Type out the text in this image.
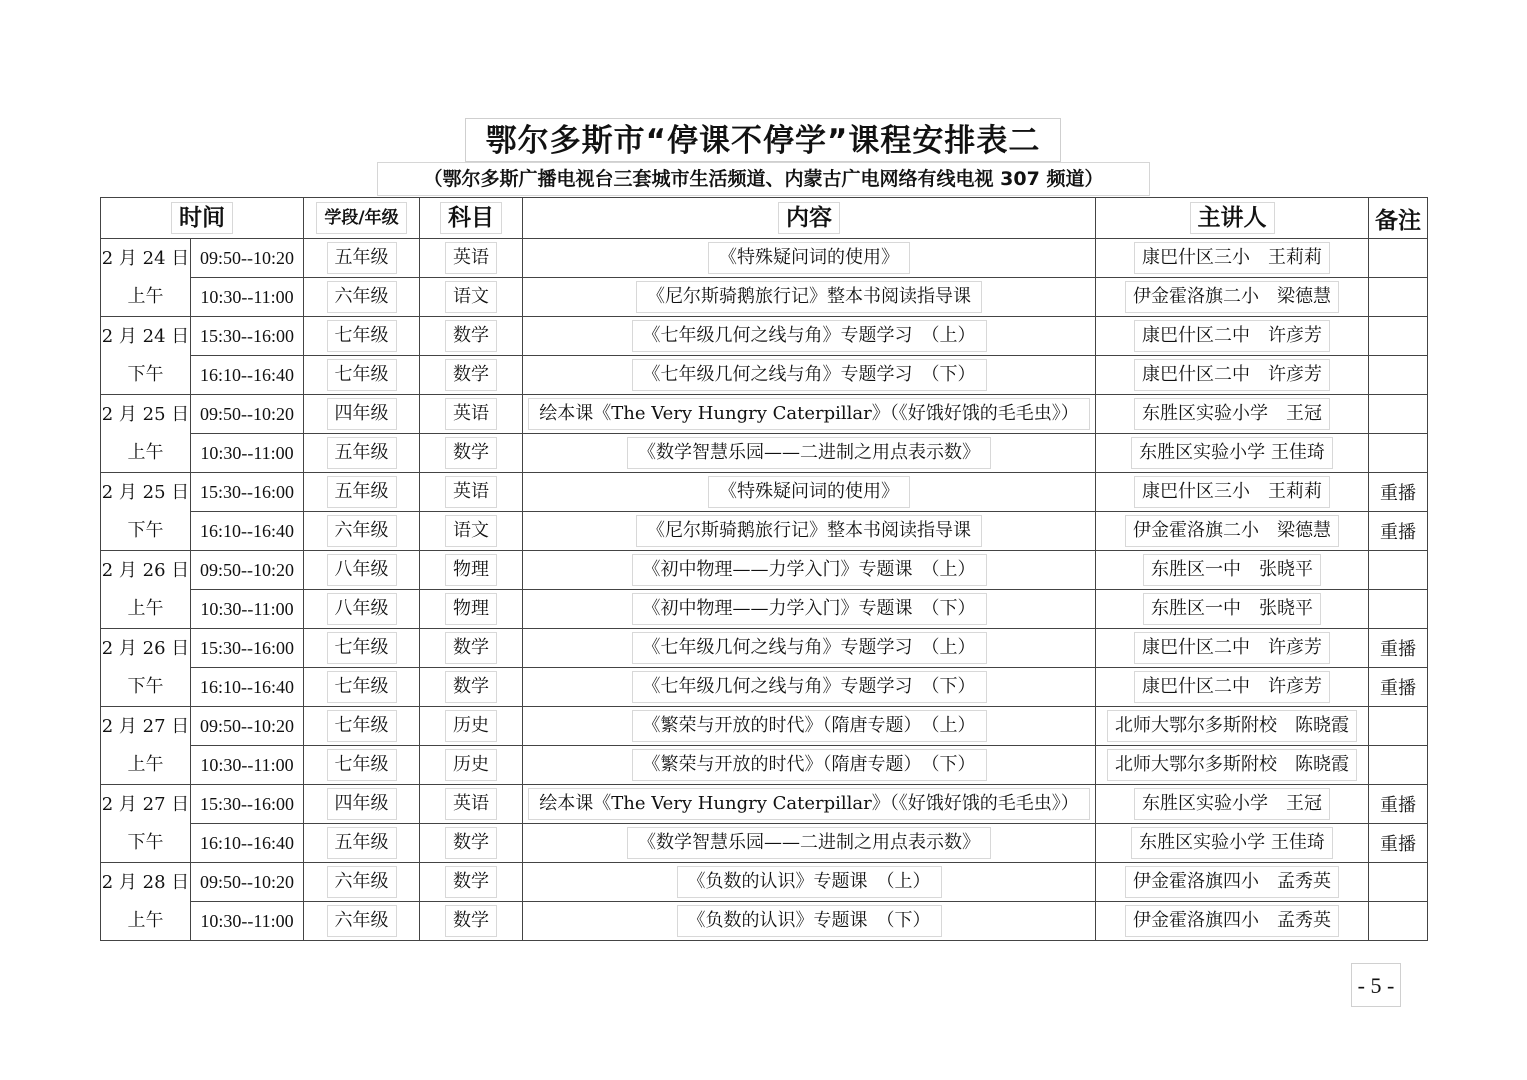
鄂尔多斯市“停课不停学”课程安排表二
（鄂尔多斯广播电视台三套城市生活频道、内蒙古广电网络有线电视 307 频道）
时间		学段/年级	科目	内容	主讲人	备注

2 月 24 日
上午	09:50--10:20	五年级	英语	《特殊疑问词的使用》	康巴什区三小　王莉莉	
	10:30--11:00	六年级	语文	《尼尔斯骑鹅旅行记》整本书阅读指导课	伊金霍洛旗二小　梁德慧	

2 月 24 日
下午	15:30--16:00	七年级	数学	《七年级几何之线与角》专题学习　（上）	康巴什区二中　许彦芳	
	16:10--16:40	七年级	数学	《七年级几何之线与角》专题学习　（下）	康巴什区二中　许彦芳	

2 月 25 日
上午	09:50--10:20	四年级	英语	绘本课《The Very Hungry Caterpillar》（《好饿好饿的毛毛虫》）	东胜区实验小学　王冠	
	10:30--11:00	五年级	数学	《数学智慧乐园——二进制之用点表示数》	东胜区实验小学 王佳琦	

2 月 25 日
下午	15:30--16:00	五年级	英语	《特殊疑问词的使用》	康巴什区三小　王莉莉	重播
	16:10--16:40	六年级	语文	《尼尔斯骑鹅旅行记》整本书阅读指导课	伊金霍洛旗二小　梁德慧	重播

2 月 26 日
上午	09:50--10:20	八年级	物理	《初中物理——力学入门》专题课　（上）	东胜区一中　张晓平	
	10:30--11:00	八年级	物理	《初中物理——力学入门》专题课　（下）	东胜区一中　张晓平	

2 月 26 日
下午	15:30--16:00	七年级	数学	《七年级几何之线与角》专题学习　（上）	康巴什区二中　许彦芳	重播
	16:10--16:40	七年级	数学	《七年级几何之线与角》专题学习　（下）	康巴什区二中　许彦芳	重播

2 月 27 日
上午	09:50--10:20	七年级	历史	《繁荣与开放的时代》（隋唐专题）　（上）	北师大鄂尔多斯附校　陈晓霞	
	10:30--11:00	七年级	历史	《繁荣与开放的时代》（隋唐专题）　（下）	北师大鄂尔多斯附校　陈晓霞	

2 月 27 日
下午	15:30--16:00	四年级	英语	绘本课《The Very Hungry Caterpillar》（《好饿好饿的毛毛虫》）	东胜区实验小学　王冠	重播
	16:10--16:40	五年级	数学	《数学智慧乐园——二进制之用点表示数》	东胜区实验小学 王佳琦	重播

2 月 28 日
上午	09:50--10:20	六年级	数学	《负数的认识》专题课　（上）	伊金霍洛旗四小　孟秀英	
	10:30--11:00	六年级	数学	《负数的认识》专题课　（下）	伊金霍洛旗四小　孟秀英	
- 5 -
